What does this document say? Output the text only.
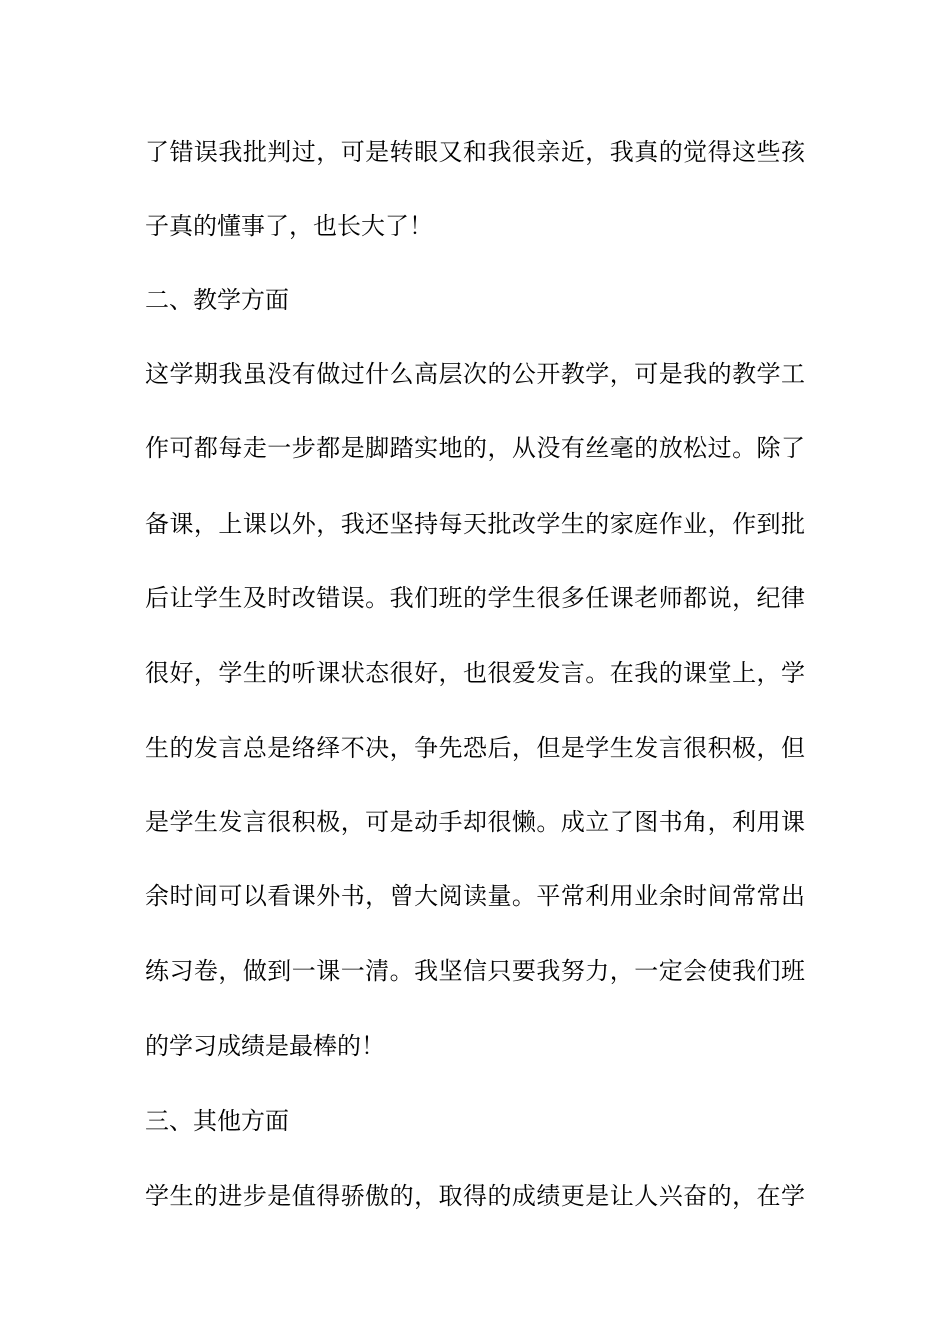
了错误我批判过，可是转眼又和我很亲近，我真的觉得这些孩
子真的懂事了，也长大了！
二、教学方面
这学期我虽没有做过什么高层次的公开教学，可是我的教学工
作可都每走一步都是脚踏实地的，从没有丝毫的放松过。除了
备课，上课以外，我还坚持每天批改学生的家庭作业，作到批
后让学生及时改错误。我们班的学生很多任课老师都说，纪律
很好，学生的听课状态很好，也很爱发言。在我的课堂上，学
生的发言总是络绎不决，争先恐后，但是学生发言很积极，但
是学生发言很积极，可是动手却很懒。成立了图书角，利用课
余时间可以看课外书，曾大阅读量。平常利用业余时间常常出
练习卷，做到一课一清。我坚信只要我努力，一定会使我们班
的学习成绩是最棒的！
三、其他方面
学生的进步是值得骄傲的，取得的成绩更是让人兴奋的，在学
